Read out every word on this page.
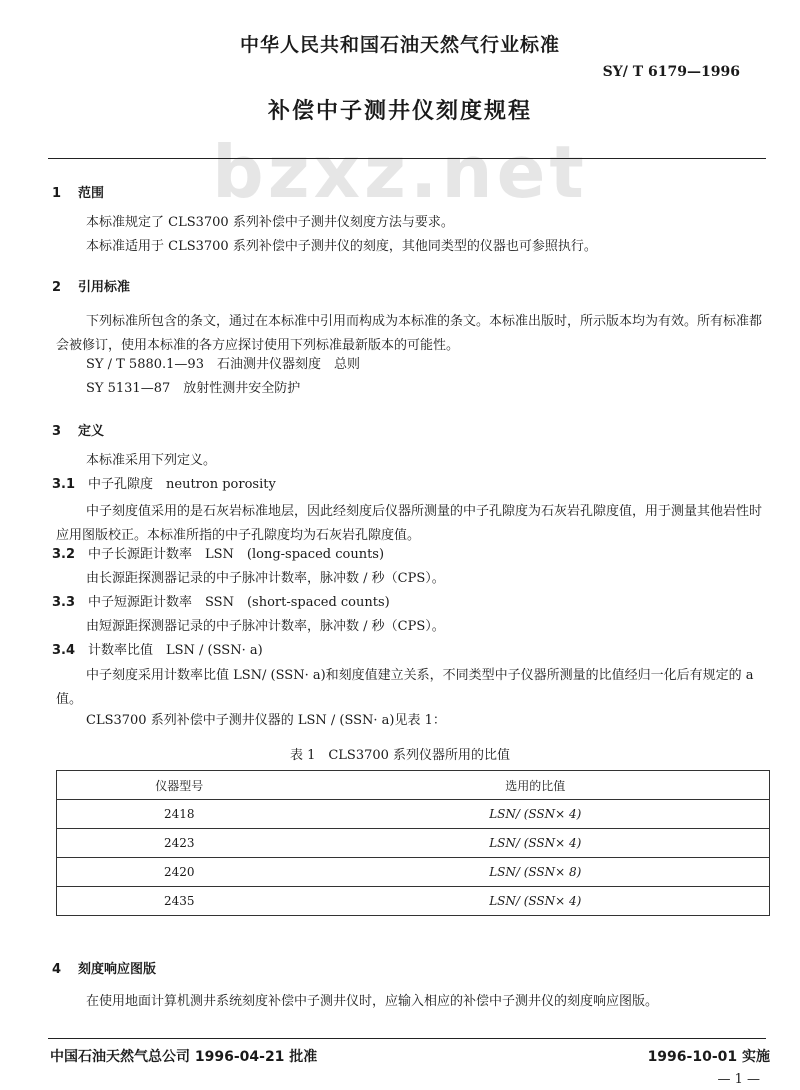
中华人民共和国石油天然气行业标准
SY/ T 6179—1996
bzxz.net
补偿中子测井仪刻度规程
1 范围
本标准规定了 CLS3700 系列补偿中子测井仪刻度方法与要求。
本标准适用于 CLS3700 系列补偿中子测井仪的刻度，其他同类型的仪器也可参照执行。
2 引用标准
下列标准所包含的条文，通过在本标准中引用而构成为本标准的条文。本标准出版时，所示版本均为有效。所有标准都会被修订，使用本标准的各方应探讨使用下列标准最新版本的可能性。
SY / T 5880.1—93　石油测井仪器刻度　总则
SY 5131—87　放射性测井安全防护
3 定义
本标准采用下列定义。
3.1 中子孔隙度　neutron porosity
中子刻度值采用的是石灰岩标准地层，因此经刻度后仪器所测量的中子孔隙度为石灰岩孔隙度值，用于测量其他岩性时应用图版校正。本标准所指的中子孔隙度均为石灰岩孔隙度值。
3.2 中子长源距计数率　LSN　(long-spaced counts)
由长源距探测器记录的中子脉冲计数率，脉冲数 / 秒（CPS）。
3.3 中子短源距计数率　SSN　(short-spaced counts)
由短源距探测器记录的中子脉冲计数率，脉冲数 / 秒（CPS）。
3.4 计数率比值　LSN / (SSN· a)
中子刻度采用计数率比值 LSN/ (SSN· a)和刻度值建立关系，不同类型中子仪器所测量的比值经归一化后有规定的 a 值。
CLS3700 系列补偿中子测井仪器的 LSN / (SSN· a)见表 1：
表 1　CLS3700 系列仪器所用的比值
仪器型号	选用的比值
2418	LSN/ (SSN× 4)
2423	LSN/ (SSN× 4)
2420	LSN/ (SSN× 8)
2435	LSN/ (SSN× 4)
4 刻度响应图版
在使用地面计算机测井系统刻度补偿中子测井仪时，应输入相应的补偿中子测井仪的刻度响应图版。
中国石油天然气总公司 1996-04-21 批准	1996-10-01 实施
— 1 —
